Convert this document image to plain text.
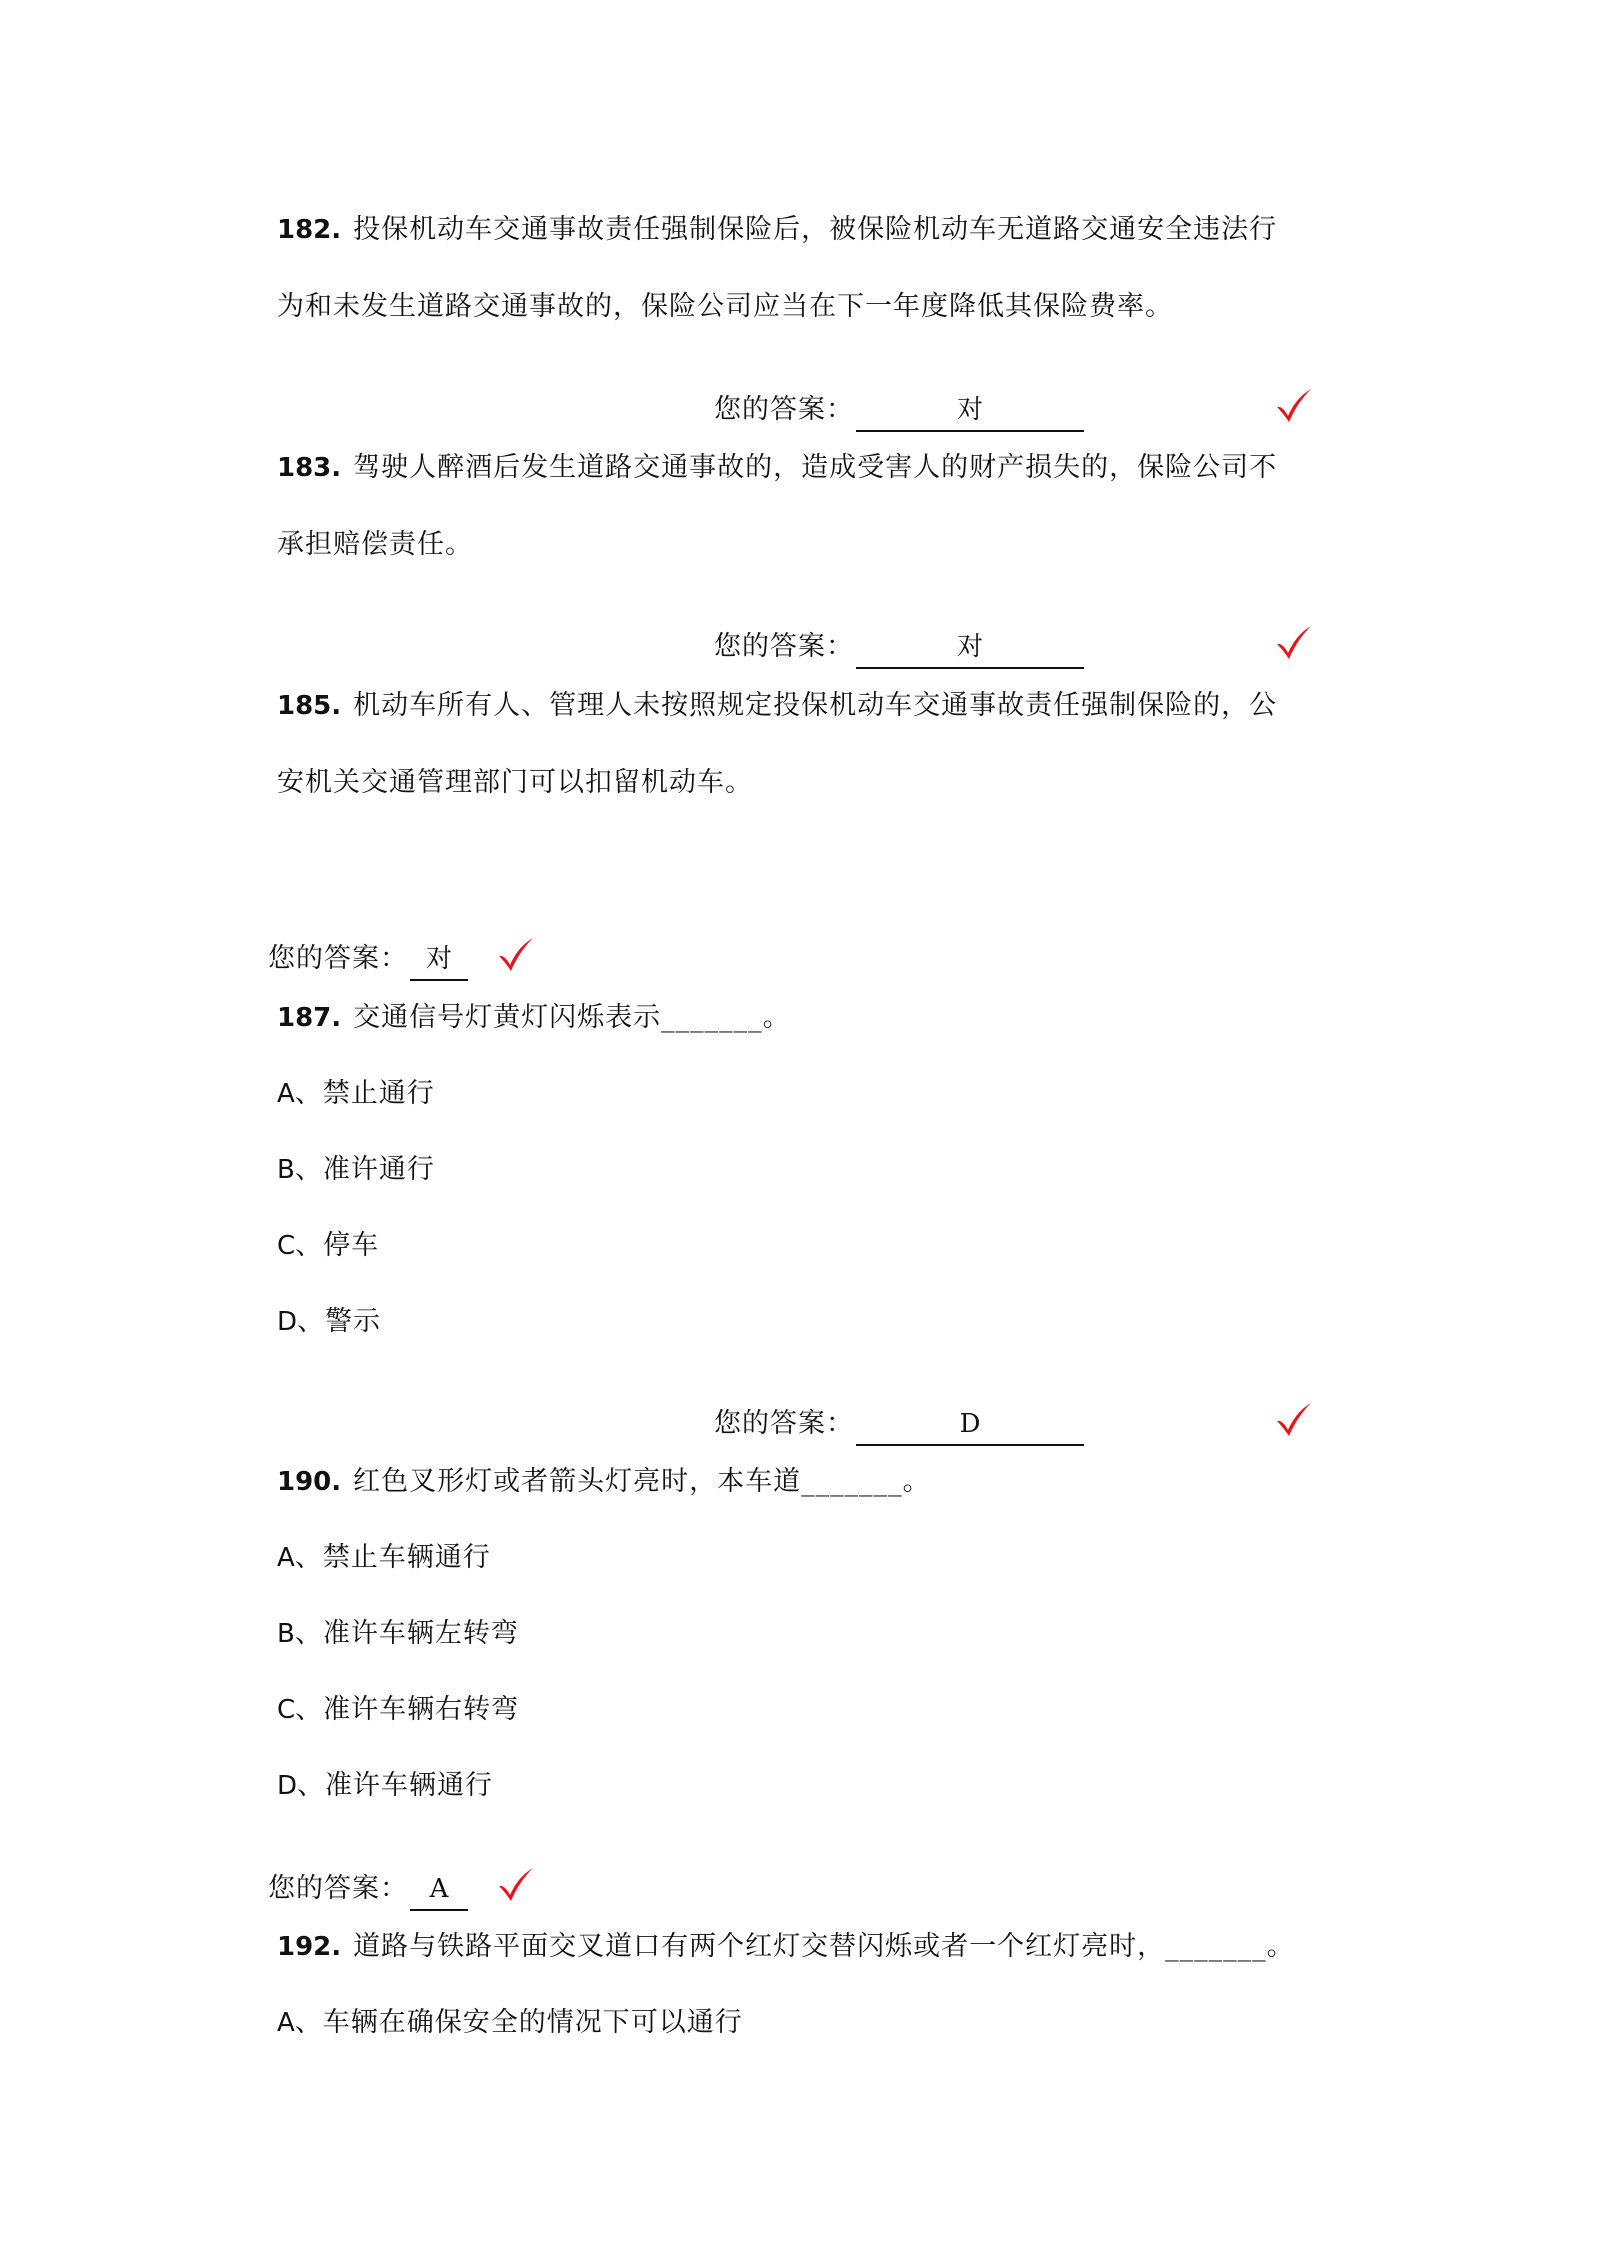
182. 投保机动车交通事故责任强制保险后，被保险机动车无道路交通安全违法行
为和未发生道路交通事故的，保险公司应当在下一年度降低其保险费率。
您的答案：	对
183. 驾驶人醉酒后发生道路交通事故的，造成受害人的财产损失的，保险公司不
承担赔偿责任。
您的答案：	对
185. 机动车所有人、管理人未按照规定投保机动车交通事故责任强制保险的，公
安机关交通管理部门可以扣留机动车。
您的答案： 对
187. 交通信号灯黄灯闪烁表示_______。
A、禁止通行
B、准许通行
C、停车
D、警示
您的答案：	D
190. 红色叉形灯或者箭头灯亮时，本车道_______。
A、禁止车辆通行
B、准许车辆左转弯
C、准许车辆右转弯
D、准许车辆通行
您的答案： A
192. 道路与铁路平面交叉道口有两个红灯交替闪烁或者一个红灯亮时，_______。
A、车辆在确保安全的情况下可以通行
